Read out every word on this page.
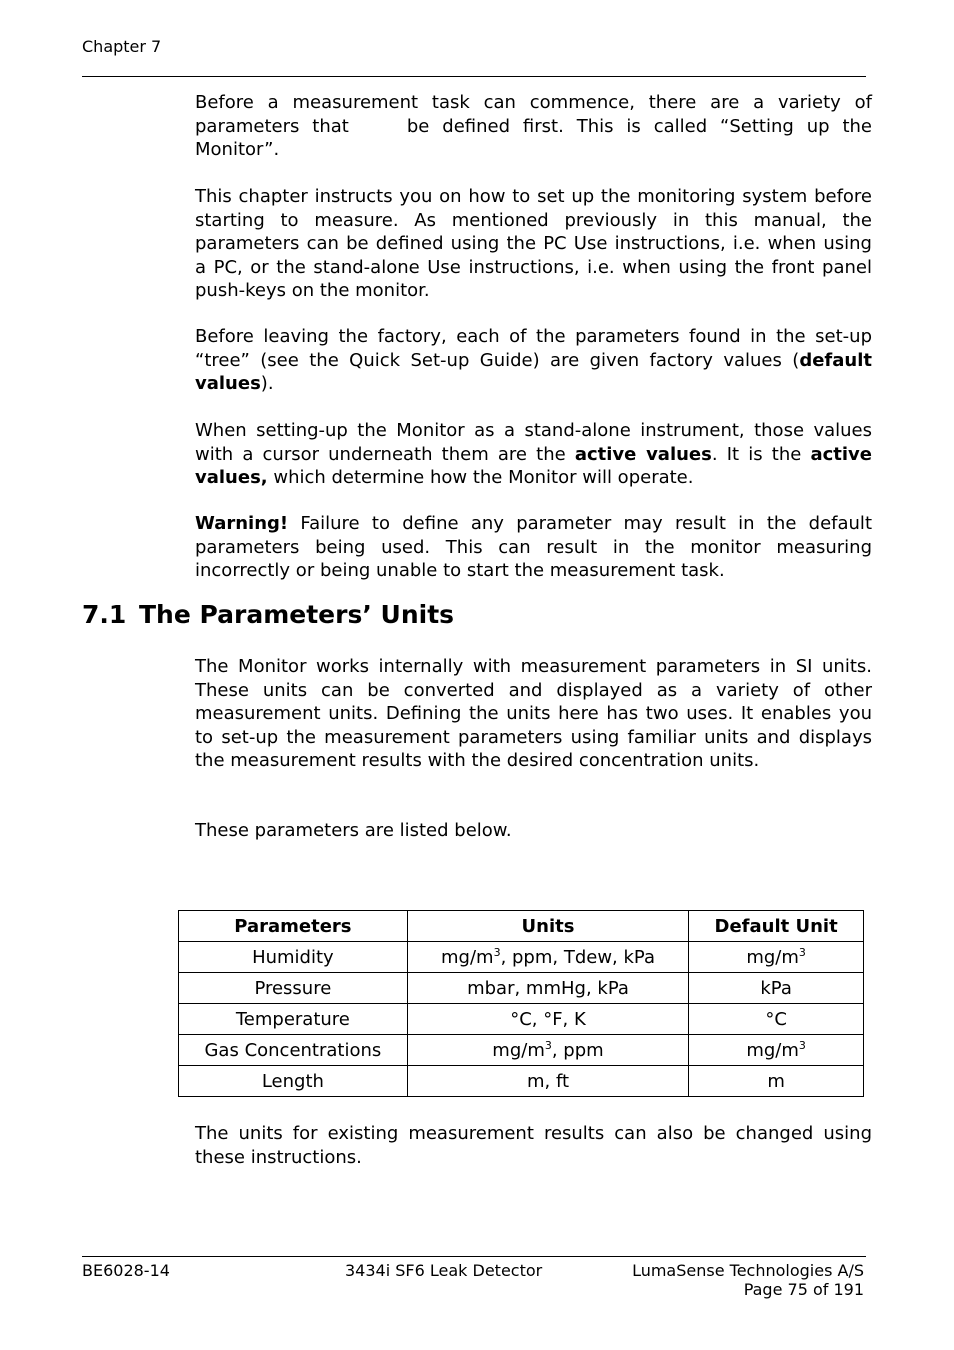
Chapter 7

Before a measurement task can commence, there are a variety of parameters that	be defined first. This is called “Setting up the Monitor”.

This chapter instructs you on how to set up the monitoring system before starting to measure. As mentioned previously in this manual, the parameters can be defined using the PC Use instructions, i.e. when using a PC, or the stand-alone Use instructions, i.e. when using the front panel push-keys on the monitor.

Before leaving the factory, each of the parameters found in the set-up “tree” (see the Quick Set-up Guide) are given factory values (default values).

When setting-up the Monitor as a stand-alone instrument, those values with a cursor underneath them are the active values. It is the active values, which determine how the Monitor will operate.

Warning! Failure to define any parameter may result in the default parameters being used. This can result in the monitor measuring incorrectly or being unable to start the measurement task.

7.1 The Parameters’ Units

The Monitor works internally with measurement parameters in SI units. These units can be converted and displayed as a variety of other measurement units. Defining the units here has two uses. It enables you to set-up the measurement parameters using familiar units and displays the measurement results with the desired concentration units.

These parameters are listed below.

Parameters	Units	Default Unit
Humidity	$mg/m^3$, ppm, Tdew, kPa	$mg/m^3$
Pressure	mbar, mmHg, kPa	kPa
Temperature	°C, °F, K	°C
Gas Concentrations	$mg/m^3$, ppm	$mg/m^3$
Length	m, ft	m

The units for existing measurement results can also be changed using these instructions.

BE6028-14	3434i SF6 Leak Detector	LumaSense Technologies A/S
Page 75 of 191
